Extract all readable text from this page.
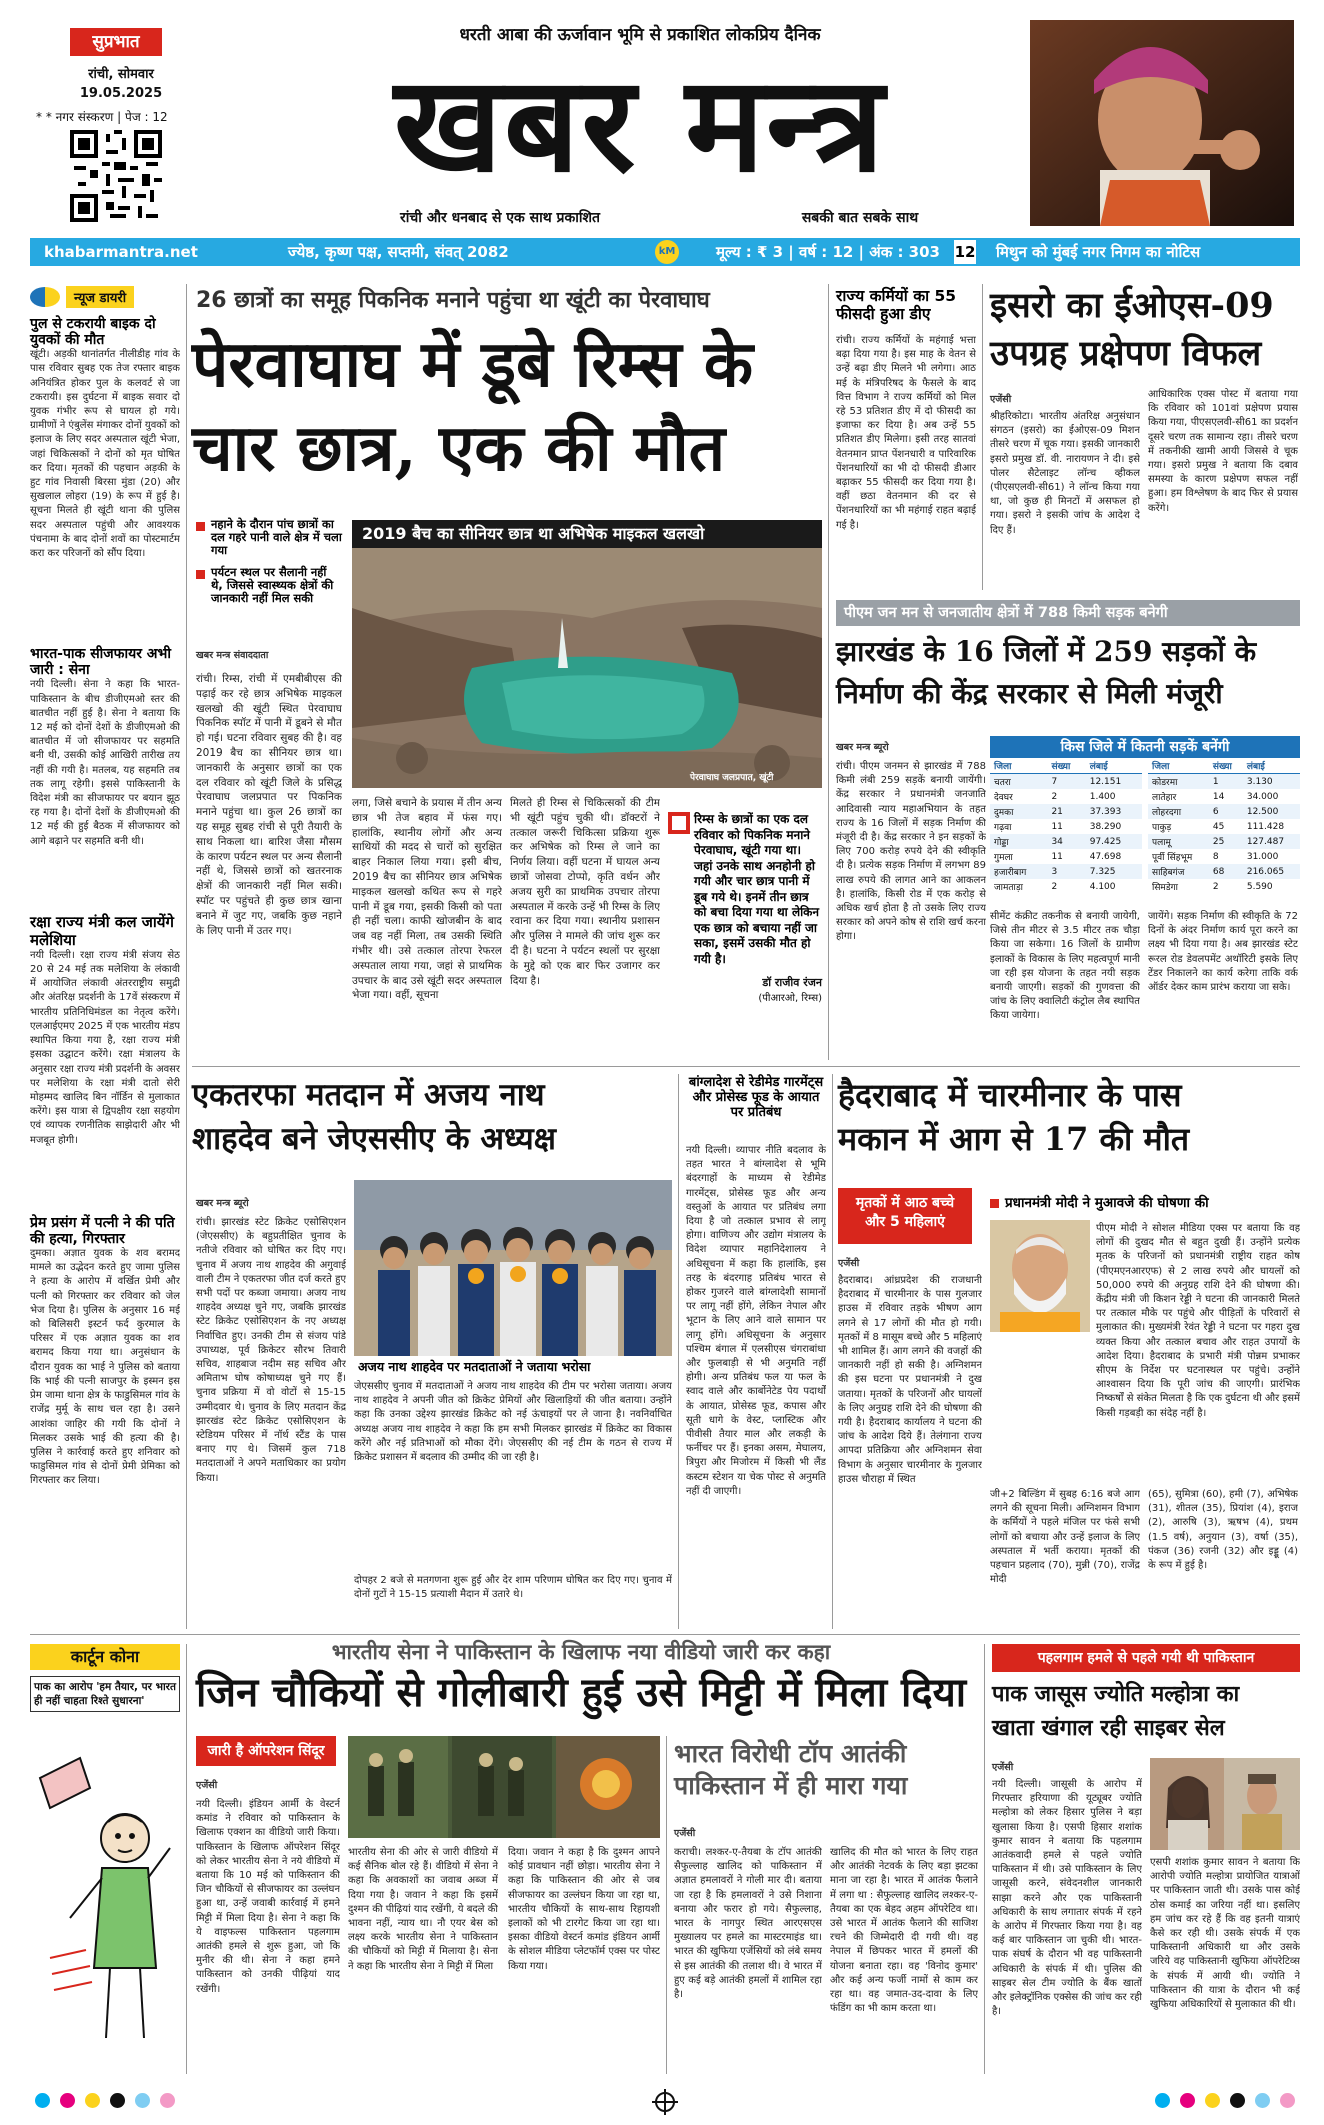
सुप्रभात
रांची, सोमवार
19.05.2025
* * नगर संस्करण | पेज : 12
धरती आबा की ऊर्जावान भूमि से प्रकाशित लोकप्रिय दैनिक
खबर मन्त्र
रांची और धनबाद से एक साथ प्रकाशित	सबकी बात सबके साथ
khabarmantra.net	ज्येष्ठ, कृष्ण पक्ष, सप्तमी, संवत् 2082	kM	मूल्य : ₹ 3 | वर्ष : 12 | अंक : 303 12 मिथुन को मुंबई नगर निगम का नोटिस
न्यूज डायरी
पुल से टकरायी बाइक दो युवकों की मौत
खूंटी। अड़की थानांतर्गत नीलीडीह गांव के पास रविवार सुबह एक तेज रफ्तार बाइक अनियंत्रित होकर पुल के कलवर्ट से जा टकरायी। इस दुर्घटना में बाइक सवार दो युवक गंभीर रूप से घायल हो गये। ग्रामीणों ने एंबुलेंस मंगाकर दोनों युवकों को इलाज के लिए सदर अस्पताल खूंटी भेजा, जहां चिकित्सकों ने दोनों को मृत घोषित कर दिया। मृतकों की पहचान अड़की के हुट गांव निवासी बिरसा मुंडा (20) और सुखलाल लोहरा (19) के रूप में हुई है। सूचना मिलते ही खूंटी थाना की पुलिस सदर अस्पताल पहुंची और आवश्यक पंचनामा के बाद दोनों शवों का पोस्टमार्टम करा कर परिजनों को सौंप दिया।
भारत-पाक सीजफायर अभी जारी : सेना
नयी दिल्ली। सेना ने कहा कि भारत-पाकिस्तान के बीच डीजीएमओ स्तर की बातचीत नहीं हुई है। सेना ने बताया कि 12 मई को दोनों देशों के डीजीएमओ की बातचीत में जो सीजफायर पर सहमति बनी थी, उसकी कोई आखिरी तारीख तय नहीं की गयी है। मतलब, यह सहमति तब तक लागू रहेगी। इससे पाकिस्तानी के विदेश मंत्री का सीजफायर पर बयान झूठ रह गया है। दोनों देशों के डीजीएमओ की 12 मई की हुई बैठक में सीजफायर को आगे बढ़ाने पर सहमति बनी थी।
रक्षा राज्य मंत्री कल जायेंगे मलेशिया
नयी दिल्ली। रक्षा राज्य मंत्री संजय सेठ 20 से 24 मई तक मलेशिया के लंकावी में आयोजित लंकावी अंतरराष्ट्रीय समुद्री और अंतरिक्ष प्रदर्शनी के 17वें संस्करण में भारतीय प्रतिनिधिमंडल का नेतृत्व करेंगे। एलआईएमए 2025 में एक भारतीय मंडप स्थापित किया गया है, रक्षा राज्य मंत्री इसका उद्घाटन करेंगे। रक्षा मंत्रालय के अनुसार रक्षा राज्य मंत्री प्रदर्शनी के अवसर पर मलेशिया के रक्षा मंत्री दातो सेरी मोहम्मद खालिद बिन नॉर्डिन से मुलाकात करेंगे। इस यात्रा से द्विपक्षीय रक्षा सहयोग एवं व्यापक रणनीतिक साझेदारी और भी मजबूत होगी।
प्रेम प्रसंग में पत्नी ने की पति की हत्या, गिरफ्तार
दुमका। अज्ञात युवक के शव बरामद मामले का उद्भेदन करते हुए जामा पुलिस ने हत्या के आरोप में वर्खित प्रेमी और पत्नी को गिरफ्तार कर रविवार को जेल भेज दिया है। पुलिस के अनुसार 16 मई को बिलिसरी इस्टर्न फर्द कुरमाल के परिसर में एक अज्ञात युवक का शव बरामद किया गया था। अनुसंधान के दौरान युवक का भाई ने पुलिस को बताया कि भाई की पत्नी साजपुर के इस्मन इस प्रेम जामा थाना क्षेत्र के फाडुसिमल गांव के राजेंद्र मुर्मू के साथ चल रहा है। उसने आशंका जाहिर की गयी कि दोनों ने मिलकर उसके भाई की हत्या की है। पुलिस ने कार्रवाई करते हुए शनिवार को फाडुसिमल गांव से दोनों प्रेमी प्रेमिका को गिरफ्तार कर लिया।
26 छात्रों का समूह पिकनिक मनाने पहुंचा था खूंटी का पेरवाघाघ
पेरवाघाघ में डूबे रिम्स के
चार छात्र, एक की मौत
नहाने के दौरान पांच छात्रों का दल गहरे पानी वाले क्षेत्र में चला गया
पर्यटन स्थल पर सैलानी नहीं थे, जिससे स्वास्थ्यक क्षेत्रों की जानकारी नहीं मिल सकी
खबर मन्त्र संवाददाता
रांची। रिम्स, रांची में एमबीबीएस की पढ़ाई कर रहे छात्र अभिषेक माइकल खलखो की खूंटी स्थित पेरवाघाघ पिकनिक स्पॉट में पानी में डूबने से मौत हो गई। घटना रविवार सुबह की है। वह 2019 बैच का सीनियर छात्र था। जानकारी के अनुसार छात्रों का एक दल रविवार को खूंटी जिले के प्रसिद्ध पेरवाघाघ जलप्रपात पर पिकनिक मनाने पहुंचा था। कुल 26 छात्रों का यह समूह सुबह रांची से पूरी तैयारी के साथ निकला था। बारिश जैसा मौसम के कारण पर्यटन स्थल पर अन्य सैलानी नहीं थे, जिससे छात्रों को खतरनाक क्षेत्रों की जानकारी नहीं मिल सकी। स्पॉट पर पहुंचते ही कुछ छात्र खाना बनाने में जुट गए, जबकि कुछ नहाने के लिए पानी में उतर गए।
2019 बैच का सीनियर छात्र था अभिषेक माइकल खलखो
पेरवाघाघ जलप्रपात, खूंटी
लगा, जिसे बचाने के प्रयास में तीन अन्य छात्र भी तेज बहाव में फंस गए। हालांकि, स्थानीय लोगों और अन्य साथियों की मदद से चारों को सुरक्षित बाहर निकाल लिया गया। इसी बीच, 2019 बैच का सीनियर छात्र अभिषेक माइकल खलखो कथित रूप से गहरे पानी में डूब गया, इसकी किसी को पता ही नहीं चला। काफी खोजबीन के बाद जब वह नहीं मिला, तब उसकी स्थिति गंभीर थी। उसे तत्काल तोरपा रेफरल अस्पताल लाया गया, जहां से प्राथमिक उपचार के बाद उसे खूंटी सदर अस्पताल भेजा गया। वहीं, सूचना
मिलते ही रिम्स से चिकित्सकों की टीम भी खूंटी पहुंच चुकी थी। डॉक्टरों ने तत्काल जरूरी चिकित्सा प्रक्रिया शुरू कर अभिषेक को रिम्स ले जाने का निर्णय लिया। वहीं घटना में घायल अन्य छात्रों जोसवा टोप्पो, कृति वर्धन और अजय सुरी का प्राथमिक उपचार तोरपा अस्पताल में करके उन्हें भी रिम्स के लिए रवाना कर दिया गया। स्थानीय प्रशासन और पुलिस ने मामले की जांच शुरू कर दी है। घटना ने पर्यटन स्थलों पर सुरक्षा के मुद्दे को एक बार फिर उजागर कर दिया है।
रिम्स के छात्रों का एक दल रविवार को पिकनिक मनाने पेरवाघाघ, खूंटी गया था। जहां उनके साथ अनहोनी हो गयी और चार छात्र पानी में डूब गये थे। इनमें तीन छात्र को बचा दिया गया था लेकिन एक छात्र को बचाया नहीं जा सका, इसमें उसकी मौत हो गयी है।
डॉ राजीव रंजन
(पीआरओ, रिम्स)
राज्य कर्मियों का 55 फीसदी हुआ डीए
रांची। राज्य कर्मियों के महंगाई भत्ता बढ़ा दिया गया है। इस माह के वेतन से उन्हें बढ़ा डीए मिलने भी लगेगा। आठ मई के मंत्रिपरिषद के फैसले के बाद वित्त विभाग ने राज्य कर्मियों को मिल रहे 53 प्रतिशत डीए में दो फीसदी का इजाफा कर दिया है। अब उन्हें 55 प्रतिशत डीए मिलेगा। इसी तरह सातवां वेतनमान प्राप्त पेंशनधारी व पारिवारिक पेंशनधारियों का भी दो फीसदी डीआर बढ़ाकर 55 फीसदी कर दिया गया है। वहीं छठा वेतनमान की दर से पेंशनधारियों का भी महंगाई राहत बढ़ाई गई है।
इसरो का ईओएस-09
उपग्रह प्रक्षेपण विफल
एजेंसी
श्रीहरिकोटा। भारतीय अंतरिक्ष अनुसंधान संगठन (इसरो) का ईओएस-09 मिशन तीसरे चरण में चूक गया। इसकी जानकारी इसरो प्रमुख डॉ. वी. नारायणन ने दी। इसे पोलर सैटेलाइट लॉन्च व्हीकल (पीएसएलवी-सी61) ने लॉन्च किया गया था, जो कुछ ही मिनटों में असफल हो गया। इसरो ने इसकी जांच के आदेश दे दिए हैं।
आधिकारिक एक्स पोस्ट में बताया गया कि रविवार को 101वां प्रक्षेपण प्रयास किया गया, पीएसएलवी-सी61 का प्रदर्शन दूसरे चरण तक सामान्य रहा। तीसरे चरण में तकनीकी खामी आयी जिससे वे चूक गया। इसरो प्रमुख ने बताया कि दबाव समस्या के कारण प्रक्षेपण सफल नहीं हुआ। हम विश्लेषण के बाद फिर से प्रयास करेंगे।
पीएम जन मन से जनजातीय क्षेत्रों में 788 किमी सड़क बनेगी
झारखंड के 16 जिलों में 259 सड़कों के
निर्माण की केंद्र सरकार से मिली मंजूरी
खबर मन्त्र ब्यूरो
रांची। पीएम जनमन से झारखंड में 788 किमी लंबी 259 सड़कें बनायी जायेंगी। केंद्र सरकार ने प्रधानमंत्री जनजाति आदिवासी न्याय महाअभियान के तहत राज्य के 16 जिलों में सड़क निर्माण की मंजूरी दी है। केंद्र सरकार ने इन सड़कों के लिए 700 करोड़ रुपये देने की स्वीकृति दी है। प्रत्येक सड़क निर्माण में लगभग 89 लाख रुपये की लागत आने का आकलन है। हालांकि, किसी रोड में एक करोड़ से अधिक खर्च होता है तो उसके लिए राज्य सरकार को अपने कोष से राशि खर्च करना होगा।
किस जिले में कितनी सड़कें बनेंगी
जिला	संख्या	लंबाई
चतरा	7	12.151
देवघर	2	1.400
दुमका	21	37.393
गढ़वा	11	38.290
गोड्डा	34	97.425
गुमला	11	47.698
हजारीबाग	3	7.325
जामताड़ा	2	4.100
जिला	संख्या	लंबाई
कोडरमा	1	3.130
लातेहार	14	34.000
लोहरदगा	6	12.500
पाकुड़	45	111.428
पलामू	25	127.487
पूर्वी सिंहभूम	8	31.000
साहिबगंज	68	216.065
सिमडेगा	2	5.590
सीमेंट कंक्रीट तकनीक से बनायी जायेगी, जिसे तीन मीटर से 3.5 मीटर तक चौड़ा किया जा सकेगा। 16 जिलों के ग्रामीण इलाकों के विकास के लिए महत्वपूर्ण मानी जा रही इस योजना के तहत नयी सड़क बनायी जाएगी। सड़कों की गुणवत्ता की जांच के लिए क्वालिटी कंट्रोल लैब स्थापित किया जायेगा।
जायेंगे। सड़क निर्माण की स्वीकृति के 72 दिनों के अंदर निर्माण कार्य पूरा करने का लक्ष्य भी दिया गया है। अब झारखंड स्टेट रूरल रोड डेवलपमेंट अथॉरिटी इसके लिए टेंडर निकालने का कार्य करेगा ताकि वर्क ऑर्डर देकर काम प्रारंभ कराया जा सके।
एकतरफा मतदान में अजय नाथ
शाहदेव बने जेएससीए के अध्यक्ष
खबर मन्त्र ब्यूरो
रांची। झारखंड स्टेट क्रिकेट एसोसिएशन (जेएससीए) के बहुप्रतीक्षित चुनाव के नतीजे रविवार को घोषित कर दिए गए। चुनाव में अजय नाथ शाहदेव की अगुवाई वाली टीम ने एकतरफा जीत दर्ज करते हुए सभी पदों पर कब्जा जमाया। अजय नाथ शाहदेव अध्यक्ष चुने गए, जबकि झारखंड स्टेट क्रिकेट एसोसिएशन के नए अध्यक्ष निर्वाचित हुए। उनकी टीम से संजय पांडे उपाध्यक्ष, पूर्व क्रिकेटर सौरभ तिवारी सचिव, शाहबाज नदीम सह सचिव और अमिताभ घोष कोषाध्यक्ष चुने गए हैं। चुनाव प्रक्रिया में वो वोटों से 15-15 उम्मीदवार थे। चुनाव के लिए मतदान केंद्र झारखंड स्टेट क्रिकेट एसोसिएशन के स्टेडियम परिसर में नॉर्थ स्टैंड के पास बनाए गए थे। जिसमें कुल 718 मतदाताओं ने अपने मताधिकार का प्रयोग किया।
अजय नाथ शाहदेव पर मतदाताओं ने जताया भरोसा
जेएससीए चुनाव में मतदाताओं ने अजय नाथ शाहदेव की टीम पर भरोसा जताया। अजय नाथ शाहदेव ने अपनी जीत को क्रिकेट प्रेमियों और खिलाड़ियों की जीत बताया। उन्होंने कहा कि उनका उद्देश्य झारखंड क्रिकेट को नई ऊंचाइयों पर ले जाना है। नवनिर्वाचित अध्यक्ष अजय नाथ शाहदेव ने कहा कि हम सभी मिलकर झारखंड में क्रिकेट का विकास करेंगे और नई प्रतिभाओं को मौका देंगे। जेएससीए की नई टीम के गठन से राज्य में क्रिकेट प्रशासन में बदलाव की उम्मीद की जा रही है।
दोपहर 2 बजे से मतगणना शुरू हुई और देर शाम परिणाम घोषित कर दिए गए। चुनाव में दोनों गुटों ने 15-15 प्रत्याशी मैदान में उतारे थे।
बांग्लादेश से रेडीमेड गारमेंट्स और प्रोसेस्ड फूड के आयात पर प्रतिबंध
नयी दिल्ली। व्यापार नीति बदलाव के तहत भारत ने बांग्लादेश से भूमि बंदरगाहों के माध्यम से रेडीमेड गारमेंट्स, प्रोसेस्ड फूड और अन्य वस्तुओं के आयात पर प्रतिबंध लगा दिया है जो तत्काल प्रभाव से लागू होगा। वाणिज्य और उद्योग मंत्रालय के विदेश व्यापार महानिदेशालय ने अधिसूचना में कहा कि हालांकि, इस तरह के बंदरगाह प्रतिबंध भारत से होकर गुजरने वाले बांग्लादेशी सामानों पर लागू नहीं होंगे, लेकिन नेपाल और भूटान के लिए आने वाले सामान पर लागू होंगे। अधिसूचना के अनुसार पश्चिम बंगाल में एलसीएस चंगराबांधा और फुलबाड़ी से भी अनुमति नहीं होगी। अन्य प्रतिबंध फल या फल के स्वाद वाले और कार्बोनेटेड पेय पदार्थों के आयात, प्रोसेस्ड फूड, कपास और सूती धागे के वेस्ट, प्लास्टिक और पीवीसी तैयार माल और लकड़ी के फर्नीचर पर हैं। इनका असम, मेघालय, त्रिपुरा और मिजोरम में किसी भी लैंड कस्टम स्टेशन या चेक पोस्ट से अनुमति नहीं दी जाएगी।
हैदराबाद में चारमीनार के पास
मकान में आग से 17 की मौत
मृतकों में आठ बच्चे और 5 महिलाएं
एजेंसी
हैदराबाद। आंध्रप्रदेश की राजधानी हैदराबाद में चारमीनार के पास गुलजार हाउस में रविवार तड़के भीषण आग लगने से 17 लोगों की मौत हो गयी। मृतकों में 8 मासूम बच्चे और 5 महिलाएं भी शामिल हैं। आग लगने की वजहों की जानकारी नहीं हो सकी है। अग्निशमन की इस घटना पर प्रधानमंत्री ने दुख जताया। मृतकों के परिजनों और घायलों के लिए अनुग्रह राशि देने की घोषणा की गयी है। हैदराबाद कार्यालय ने घटना की जांच के आदेश दिये हैं। तेलंगाना राज्य आपदा प्रतिक्रिया और अग्निशमन सेवा विभाग के अनुसार चारमीनार के गुलजार हाउस चौराहा में स्थित
प्रधानमंत्री मोदी ने मुआवजे की घोषणा की
पीएम मोदी ने सोशल मीडिया एक्स पर बताया कि वह लोगों की दुखद मौत से बहुत दुखी हैं। उन्होंने प्रत्येक मृतक के परिजनों को प्रधानमंत्री राष्ट्रीय राहत कोष (पीएमएनआरएफ) से 2 लाख रुपये और घायलों को 50,000 रुपये की अनुग्रह राशि देने की घोषणा की। केंद्रीय मंत्री जी किशन रेड्डी ने घटना की जानकारी मिलते पर तत्काल मौके पर पहुंचे और पीड़ितों के परिवारों से मुलाकात की। मुख्यमंत्री रेवंत रेड्डी ने घटना पर गहरा दुख व्यक्त किया और तत्काल बचाव और राहत उपायों के आदेश दिया। हैदराबाद के प्रभारी मंत्री पोन्नम प्रभाकर सीएम के निर्देश पर घटनास्थल पर पहुंचे। उन्होंने आश्वासन दिया कि पूरी जांच की जाएगी। प्रारंभिक निष्कर्षों से संकेत मिलता है कि एक दुर्घटना थी और इसमें किसी गड़बड़ी का संदेह नहीं है।
जी+2 बिल्डिंग में सुबह 6:16 बजे आग लगने की सूचना मिली। अग्निशमन विभाग के कर्मियों ने पहले मंजिल पर फंसे सभी लोगों को बचाया और उन्हें इलाज के लिए अस्पताल में भर्ती कराया। मृतकों की पहचान प्रहलाद (70), मुन्नी (70), राजेंद्र मोदी
(65), सुमित्रा (60), हमी (7), अभिषेक (31), शीतल (35), प्रियांश (4), इराज (2), आरुषि (3), ऋषभ (4), प्रथम (1.5 वर्ष), अनुयान (3), वर्षा (35), पंकज (36) रजनी (32) और इड्डू (4) के रूप में हुई है।
कार्टून कोना
पाक का आरोप 'हम तैयार, पर भारत ही नहीं चाहता रिश्ते सुधारना'
भारतीय सेना ने पाकिस्तान के खिलाफ नया वीडियो जारी कर कहा
जिन चौकियों से गोलीबारी हुई उसे मिट्टी में मिला दिया
जारी है ऑपरेशन सिंदूर
एजेंसी
नयी दिल्ली। इंडियन आर्मी के वेस्टर्न कमांड ने रविवार को पाकिस्तान के खिलाफ एक्शन का वीडियो जारी किया। पाकिस्तान के खिलाफ ऑपरेशन सिंदूर को लेकर भारतीय सेना ने नये वीडियो में बताया कि 10 मई को पाकिस्तान की जिन चौकियों से सीजफायर का उल्लंघन हुआ था, उन्हें जवाबी कार्रवाई में हमने मिट्टी में मिला दिया है। सेना ने कहा कि ये वाइफल्स पाकिस्तान पहलगाम आतंकी हमले से शुरू हुआ, जो कि मुनीर की थी। सेना ने कहा हमने पाकिस्तान को उनकी पीढ़ियां याद रखेंगी।
भारतीय सेना की ओर से जारी वीडियो में कई सैनिक बोल रहे हैं। वीडियो में सेना ने कहा कि अवकाशों का जवाब अब्ज में दिया गया है। जवान ने कहा कि इसमें दुश्मन की पीढ़ियां याद रखेंगी, ये बदले की भावना नहीं, न्याय था। नौ एयर बेस को लक्ष्य करके भारतीय सेना ने पाकिस्तान की चौकियों को मिट्टी में मिलाया है। सेना ने कहा कि भारतीय सेना ने मिट्टी में मिला
दिया। जवान ने कहा है कि दुश्मन आपने कोई प्रावधान नहीं छोड़ा। भारतीय सेना ने कहा कि पाकिस्तान की ओर से जब सीजफायर का उल्लंघन किया जा रहा था, भारतीय चौकियों के साथ-साथ रिहायशी इलाकों को भी टारगेट किया जा रहा था। इसका वीडियो वेस्टर्न कमांड इंडियन आर्मी के सोशल मीडिया प्लेटफॉर्म एक्स पर पोस्ट किया गया।
भारत विरोधी टॉप आतंकी
पाकिस्तान में ही मारा गया
एजेंसी
कराची। लश्कर-ए-तैयबा के टॉप आतंकी सैफुल्लाह खालिद को पाकिस्तान में अज्ञात हमलावरों ने गोली मार दी। बताया जा रहा है कि हमलावरों ने उसे निशाना बनाया और फरार हो गये। सैफुल्लाह, भारत के नागपुर स्थित आरएसएस मुख्यालय पर हमले का मास्टरमाइंड था। भारत की खुफिया एजेंसियों को लंबे समय से इस आतंकी की तलाश थी। वे भारत में हुए कई बड़े आतंकी हमलों में शामिल रहा है।
खालिद की मौत को भारत के लिए राहत और आतंकी नेटवर्क के लिए बड़ा झटका माना जा रहा है। भारत में आतंक फैलाने में लगा था : सैफुल्लाह खालिद लश्कर-ए-तैयबा का एक बेहद अहम ऑपरेटिव था। उसे भारत में आतंक फैलाने की साजिश रचने की जिम्मेदारी दी गयी थी। वह नेपाल में छिपकर भारत में हमलों की योजना बनाता रहा। वह 'विनोद कुमार' और कई अन्य फर्जी नामों से काम कर रहा था। वह जमात-उद-दावा के लिए फंडिंग का भी काम करता था।
पहलगाम हमले से पहले गयी थी पाकिस्तान
पाक जासूस ज्योति मल्होत्रा का
खाता खंगाल रही साइबर सेल
एजेंसी
नयी दिल्ली। जासूसी के आरोप में गिरफ्तार हरियाणा की यूट्यूबर ज्योति मल्होत्रा को लेकर हिसार पुलिस ने बड़ा खुलासा किया है। एसपी हिसार शशांक कुमार सावन ने बताया कि पहलगाम आतंकवादी हमले से पहले ज्योति पाकिस्तान में थी। उसे पाकिस्तान के लिए जासूसी करने, संवेदनशील जानकारी साझा करने और एक पाकिस्तानी अधिकारी के साथ लगातार संपर्क में रहने के आरोप में गिरफ्तार किया गया है। वह कई बार पाकिस्तान जा चुकी थी। भारत-पाक संघर्ष के दौरान भी वह पाकिस्तानी अधिकारी के संपर्क में थी। पुलिस की साइबर सेल टीम ज्योति के बैंक खातों और इलेक्ट्रॉनिक एक्सेस की जांच कर रही है।
एसपी शशांक कुमार सावन ने बताया कि आरोपी ज्योति मल्होत्रा प्रायोजित यात्राओं पर पाकिस्तान जाती थी। उसके पास कोई ठोस कमाई का जरिया नहीं था। इसलिए हम जांच कर रहे हैं कि वह इतनी यात्राएं कैसे कर रही थी। उसके संपर्क में एक पाकिस्तानी अधिकारी था और उसके जरिये वह पाकिस्तानी खुफिया ऑपरेटिव्स के संपर्क में आयी थी। ज्योति ने पाकिस्तान की यात्रा के दौरान भी कई खुफिया अधिकारियों से मुलाकात की थी।
